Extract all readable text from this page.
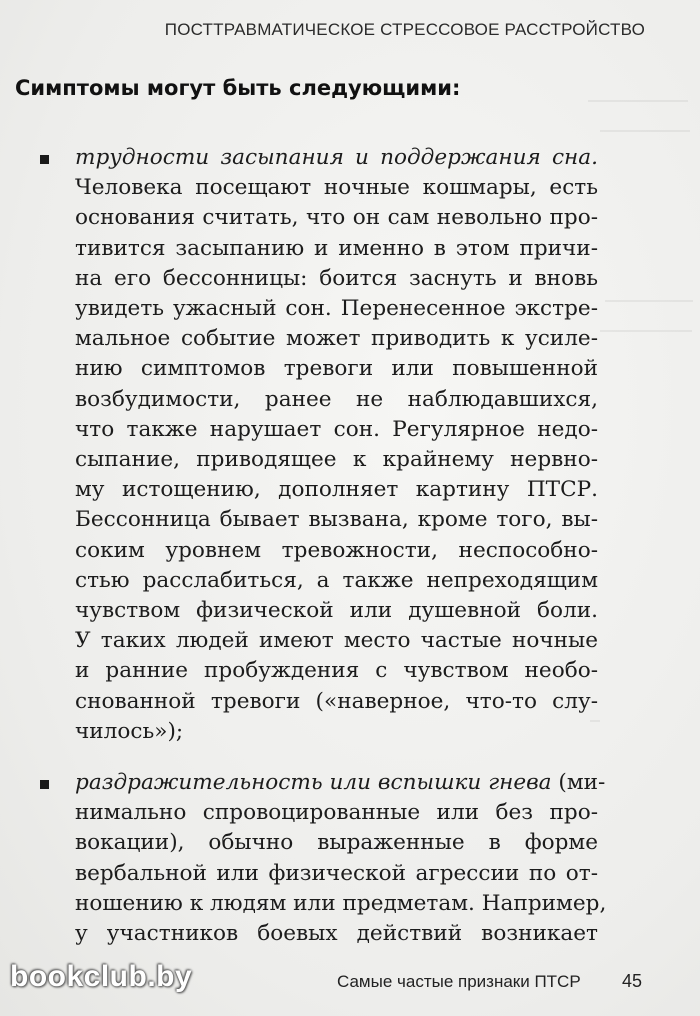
ПОСТТРАВМАТИЧЕСКОЕ СТРЕССОВОЕ РАССТРОЙСТВО
Симптомы могут быть следующими:
трудности засыпания и поддержания сна.
Человека посещают ночные кошмары, есть
основания считать, что он сам невольно про-
тивится засыпанию и именно в этом причи-
на его бессонницы: боится заснуть и вновь
увидеть ужасный сон. Перенесенное экстре-
мальное событие может приводить к усиле-
нию симптомов тревоги или повышенной
возбудимости, ранее не наблюдавшихся,
что также нарушает сон. Регулярное недо-
сыпание, приводящее к крайнему нервно-
му истощению, дополняет картину ПТСР.
Бессонница бывает вызвана, кроме того, вы-
соким уровнем тревожности, неспособно-
стью расслабиться, а также непреходящим
чувством физической или душевной боли.
У таких людей имеют место частые ночные
и ранние пробуждения с чувством необо-
снованной тревоги («наверное, что-то слу-
чилось»);
раздражительность или вспышки гнева (ми-
нимально спровоцированные или без про-
вокации), обычно выраженные в форме
вербальной или физической агрессии по от-
ношению к людям или предметам. Например,
у участников боевых действий возникает
Самые частые признаки ПТСР 45
bookclub.by
